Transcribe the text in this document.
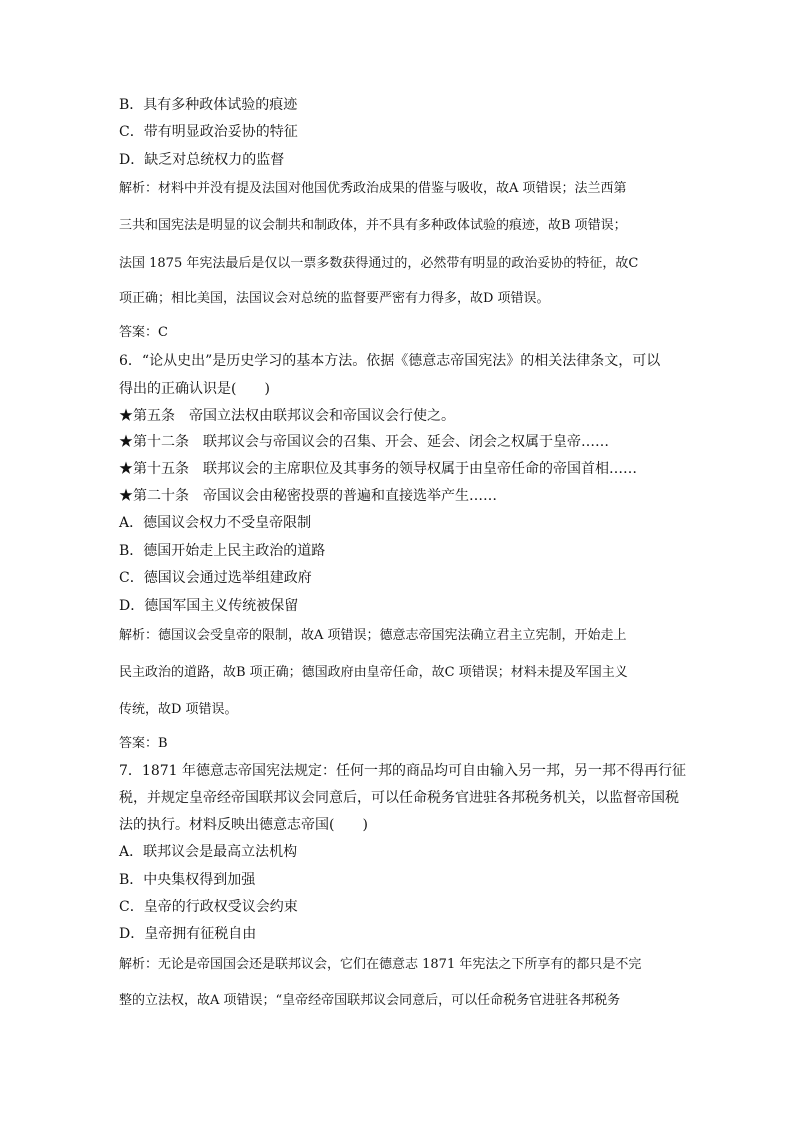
B．具有多种政体试验的痕迹
C．带有明显政治妥协的特征
D．缺乏对总统权力的监督
解析：材料中并没有提及法国对他国优秀政治成果的借鉴与吸收，故A 项错误；法兰西第
三共和国宪法是明显的议会制共和制政体，并不具有多种政体试验的痕迹，故B 项错误；
法国 1875 年宪法最后是仅以一票多数获得通过的，必然带有明显的政治妥协的特征，故C
项正确；相比美国，法国议会对总统的监督要严密有力得多，故D 项错误。
答案：C
6．“论从史出”是历史学习的基本方法。依据《德意志帝国宪法》的相关法律条文，可以
得出的正确认识是(　　)
★第五条　帝国立法权由联邦议会和帝国议会行使之。
★第十二条　联邦议会与帝国议会的召集、开会、延会、闭会之权属于皇帝……
★第十五条　联邦议会的主席职位及其事务的领导权属于由皇帝任命的帝国首相……
★第二十条　帝国议会由秘密投票的普遍和直接选举产生……
A．德国议会权力不受皇帝限制
B．德国开始走上民主政治的道路
C．德国议会通过选举组建政府
D．德国军国主义传统被保留
解析：德国议会受皇帝的限制，故A 项错误；德意志帝国宪法确立君主立宪制，开始走上
民主政治的道路，故B 项正确；德国政府由皇帝任命，故C 项错误；材料未提及军国主义
传统，故D 项错误。
答案：B
7．1871 年德意志帝国宪法规定：任何一邦的商品均可自由输入另一邦，另一邦不得再行征
税，并规定皇帝经帝国联邦议会同意后，可以任命税务官进驻各邦税务机关，以监督帝国税
法的执行。材料反映出德意志帝国(　　)
A．联邦议会是最高立法机构
B．中央集权得到加强
C．皇帝的行政权受议会约束
D．皇帝拥有征税自由
解析：无论是帝国国会还是联邦议会，它们在德意志 1871 年宪法之下所享有的都只是不完
整的立法权，故A 项错误；“皇帝经帝国联邦议会同意后，可以任命税务官进驻各邦税务
